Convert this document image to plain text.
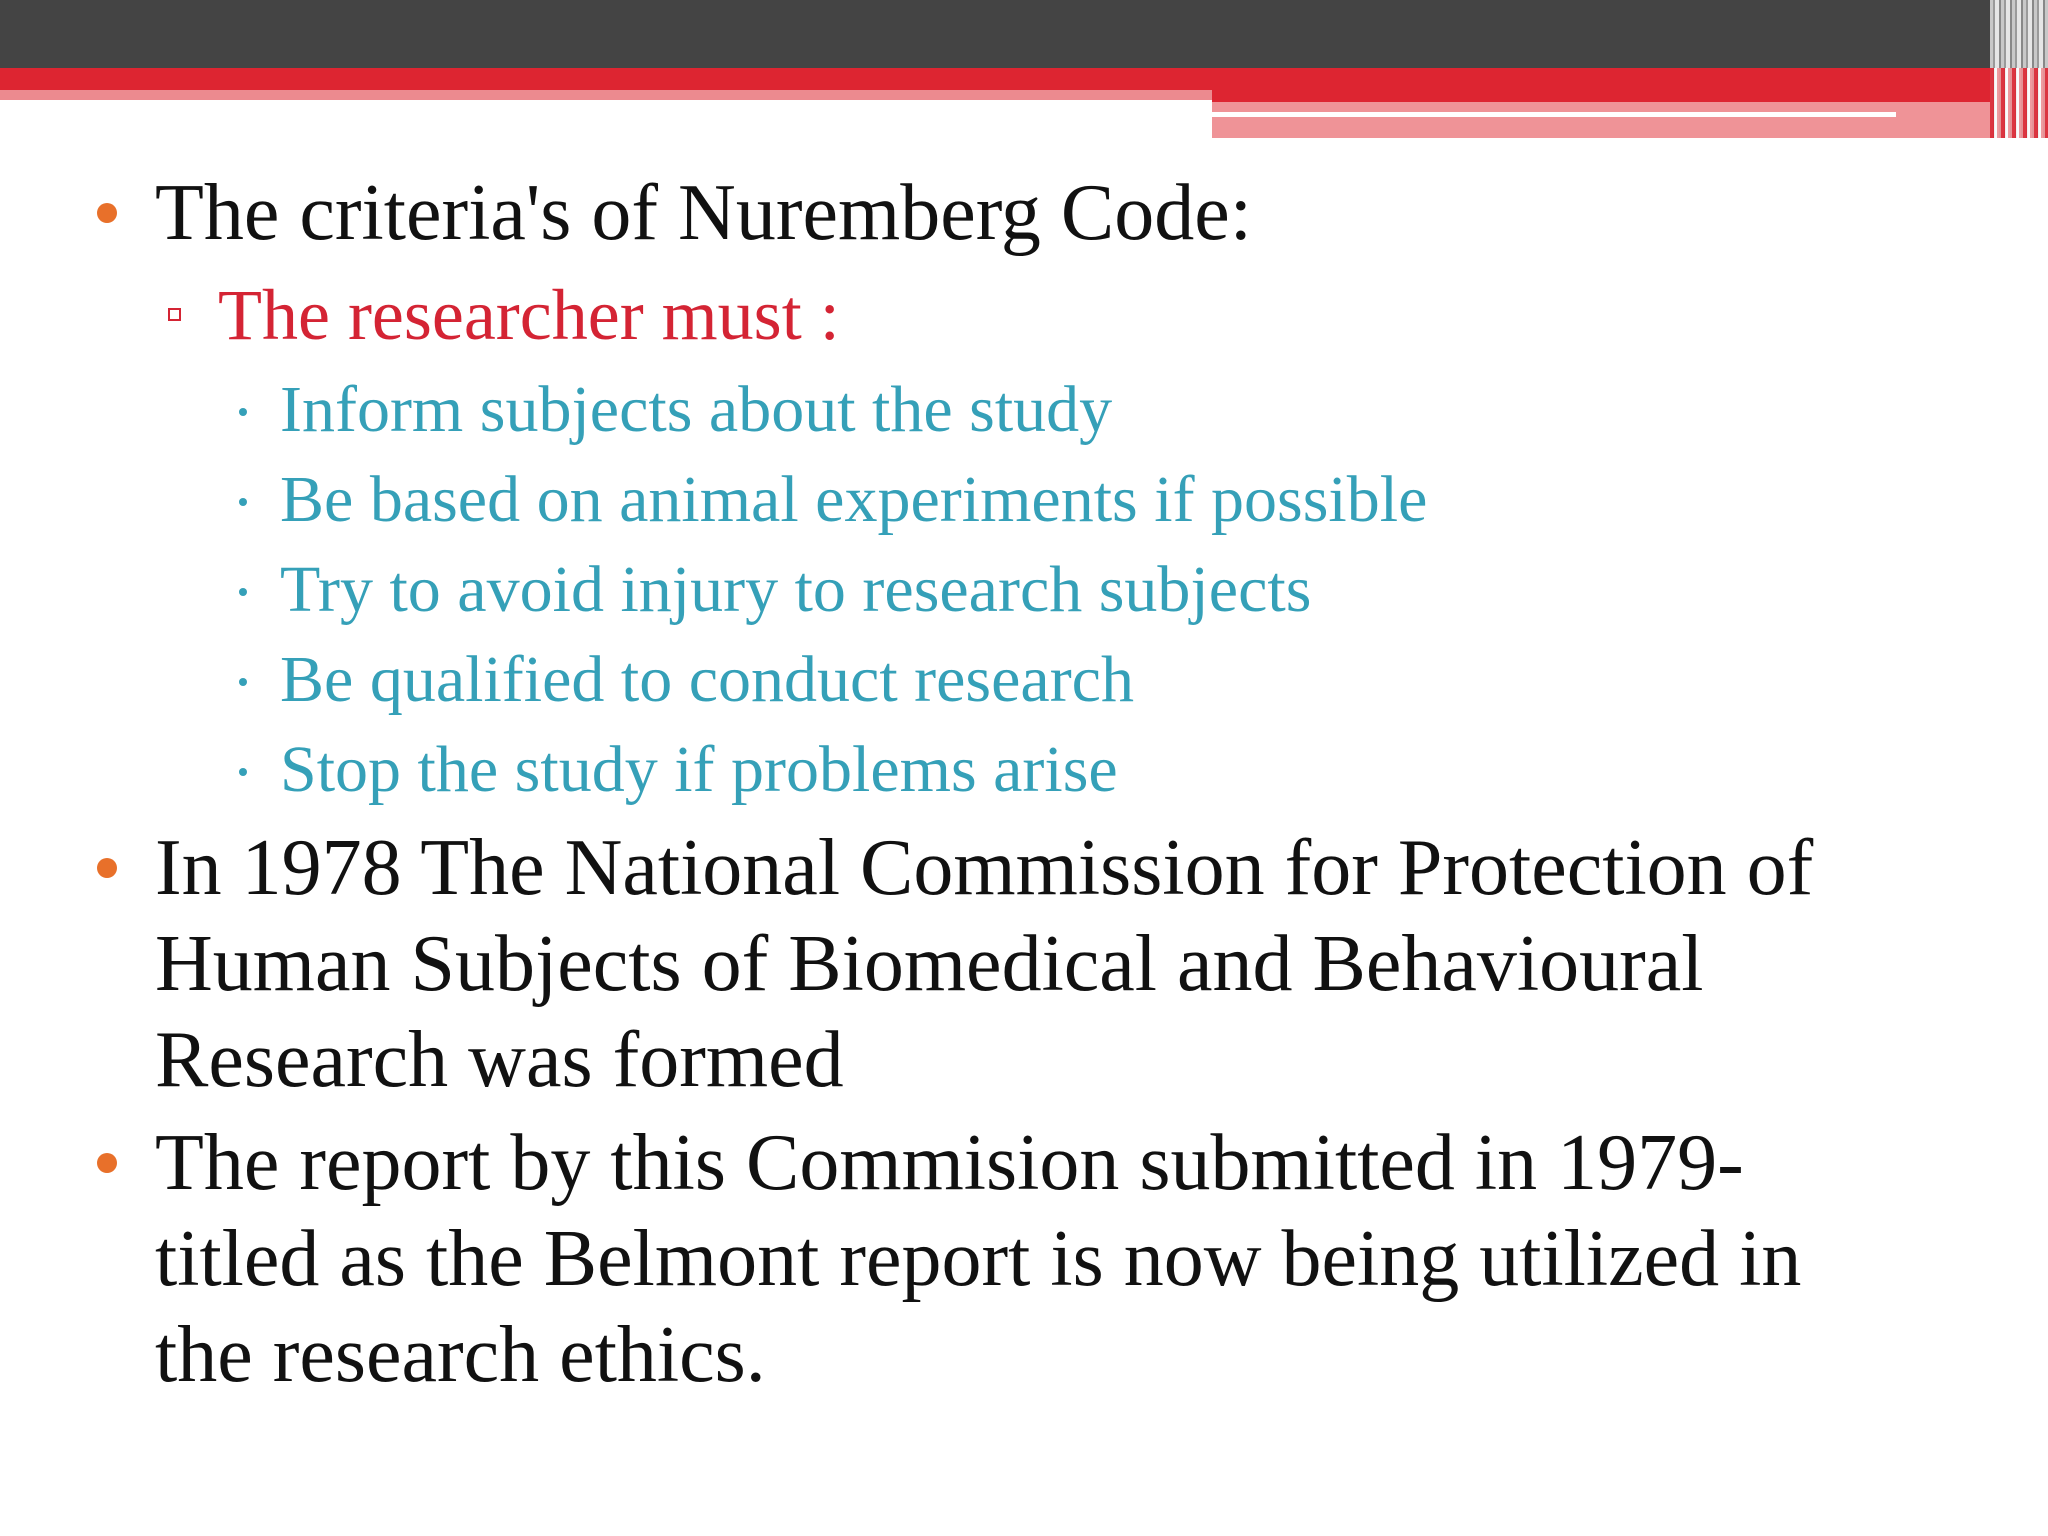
The criteria's of Nuremberg Code:
The researcher must :
Inform subjects about the study
Be based on animal experiments if possible
Try to avoid injury to research subjects
Be qualified to conduct research
Stop the study if problems arise
In 1978 The National Commission for Protection of
Human Subjects of Biomedical and Behavioural
Research was formed
The report by this Commision submitted in 1979-
titled as the Belmont report is now being utilized in
the research ethics.
